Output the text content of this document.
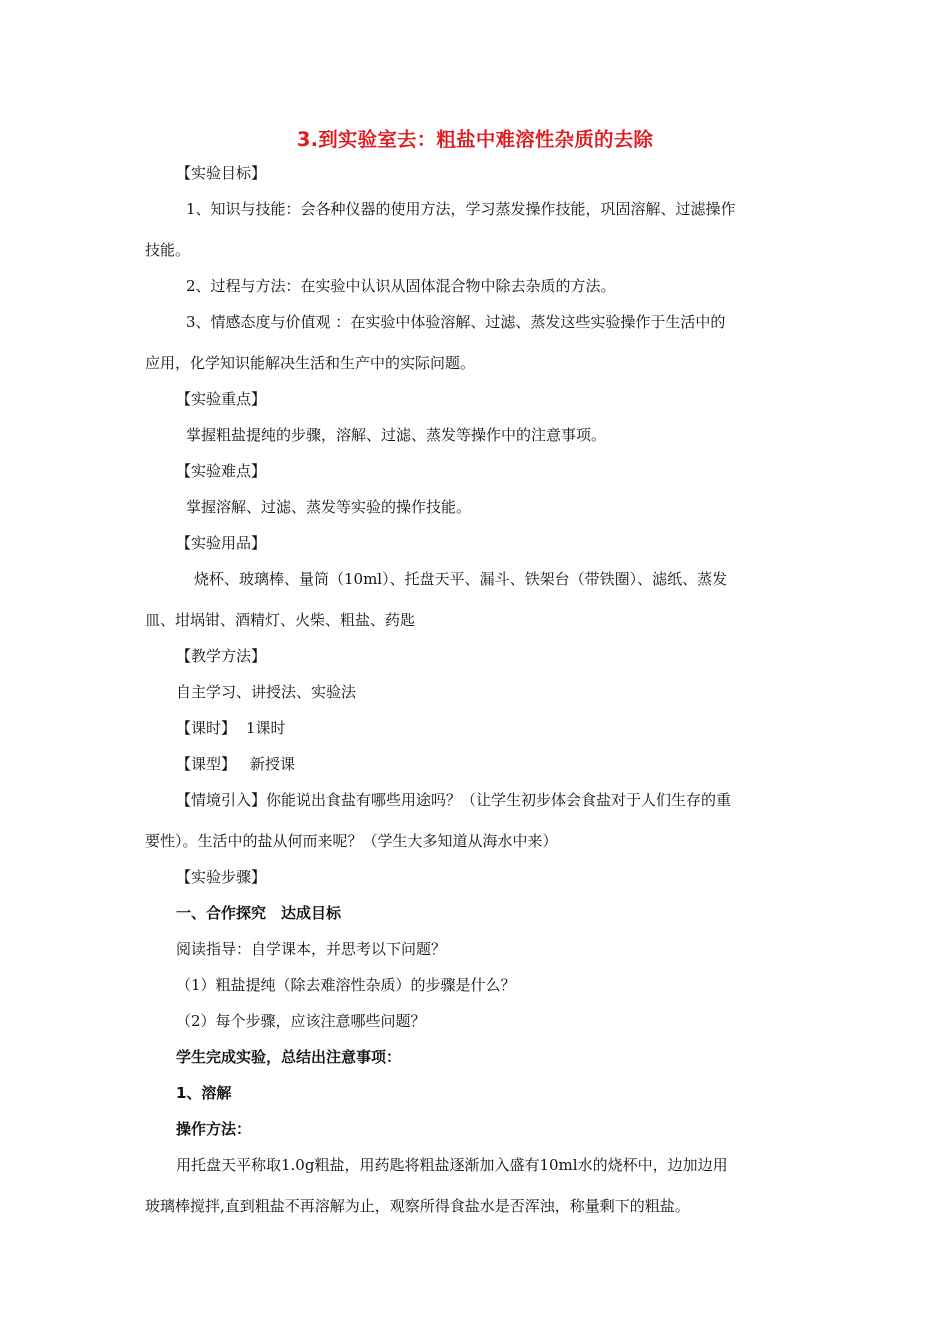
3.到实验室去：粗盐中难溶性杂质的去除
【实验目标】
1、知识与技能：会各种仪器的使用方法，学习蒸发操作技能，巩固溶解、过滤操作
技能。
2、过程与方法：在实验中认识从固体混合物中除去杂质的方法。
3、情感态度与价值观 ：在实验中体验溶解、过滤、蒸发这些实验操作于生活中的
应用，化学知识能解决生活和生产中的实际问题。
【实验重点】
掌握粗盐提纯的步骤，溶解、过滤、蒸发等操作中的注意事项。
【实验难点】
掌握溶解、过滤、蒸发等实验的操作技能。
【实验用品】
烧杯、玻璃棒、量筒（10ml）、托盘天平、漏斗、铁架台（带铁圈）、滤纸、蒸发
皿、坩埚钳、酒精灯、火柴、粗盐、药匙
【教学方法】
自主学习、讲授法、实验法
【课时】 1课时
【课型】 新授课
【情境引入】你能说出食盐有哪些用途吗？（让学生初步体会食盐对于人们生存的重
要性）。生活中的盐从何而来呢？（学生大多知道从海水中来）
【实验步骤】
一、合作探究　达成目标
阅读指导：自学课本，并思考以下问题？
（1）粗盐提纯（除去难溶性杂质）的步骤是什么？
（2）每个步骤，应该注意哪些问题？
学生完成实验，总结出注意事项：
1、溶解
操作方法：
用托盘天平称取1.0g粗盐，用药匙将粗盐逐渐加入盛有10ml水的烧杯中，边加边用
玻璃棒搅拌,直到粗盐不再溶解为止，观察所得食盐水是否浑浊，称量剩下的粗盐。
